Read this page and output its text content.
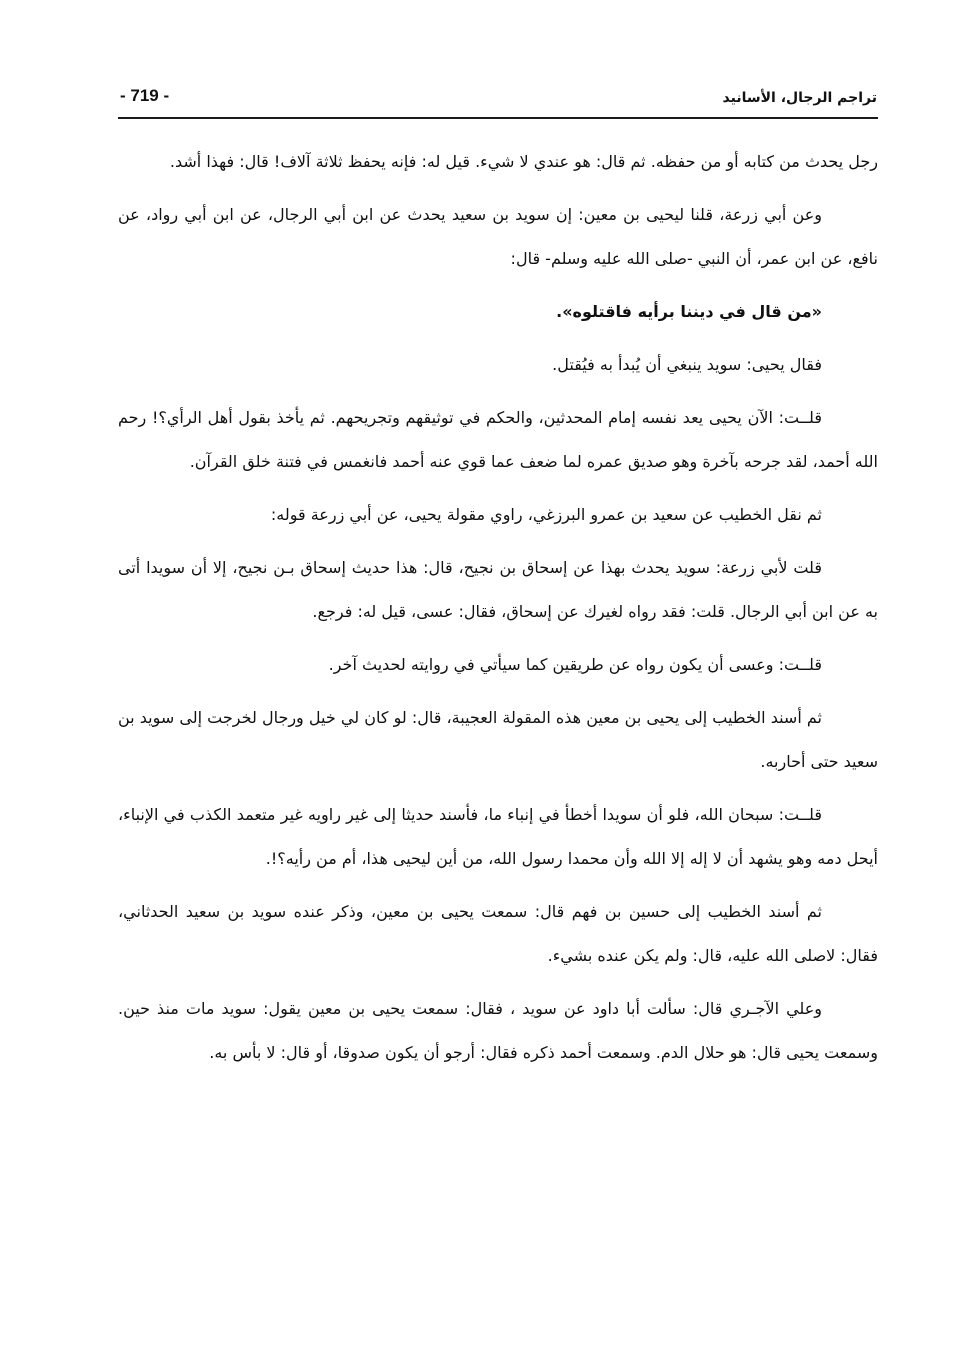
تراجم الرجال، الأسانيد
- 719 -

رجل يحدث من كتابه أو من حفظه. ثم قال: هو عندي لا شيء. قيل له: فإنه يحفظ ثلاثة آلاف! قال: فهذا أشد.

وعن أبي زرعة، قلنا ليحيى بن معين: إن سويد بن سعيد يحدث عن ابن أبي الرجال، عن ابن أبي رواد، عن نافع، عن ابن عمر، أن النبي -صلى الله عليه وسلم- قال:

«من قال في ديننا برأيه فاقتلوه».

فقال يحيى: سويد ينبغي أن يُبدأ به فيُقتل.

قلــت: الآن يحيى يعد نفسه إمام المحدثين، والحكم في توثيقهم وتجريحهم. ثم يأخذ بقول أهل الرأي؟! رحم الله أحمد، لقد جرحه بآخرة وهو صديق عمره لما ضعف عما قوي عنه أحمد فانغمس في فتنة خلق القرآن.

ثم نقل الخطيب عن سعيد بن عمرو البرزغي، راوي مقولة يحيى، عن أبي زرعة قوله:

قلت لأبي زرعة: سويد يحدث بهذا عن إسحاق بن نجيح، قال: هذا حديث إسحاق بـن نجيح، إلا أن سويدا أتى به عن ابن أبي الرجال. قلت: فقد رواه لغيرك عن إسحاق، فقال: عسى، قيل له: فرجع.

قلــت: وعسى أن يكون رواه عن طريقين كما سيأتي في روايته لحديث آخر.

ثم أسند الخطيب إلى يحيى بن معين هذه المقولة العجيبة، قال: لو كان لي خيل ورجال لخرجت إلى سويد بن سعيد حتى أحاربه.

قلــت: سبحان الله، فلو أن سويدا أخطأ في إنباء ما، فأسند حديثا إلى غير راويه غير متعمد الكذب في الإنباء، أيحل دمه وهو يشهد أن لا إله إلا الله وأن محمدا رسول الله، من أين ليحيى هذا، أم من رأيه؟!.

ثم أسند الخطيب إلى حسين بن فهم قال: سمعت يحيى بن معين، وذكر عنده سويد بن سعيد الحدثاني، فقال: لاصلى الله عليه، قال: ولم يكن عنده بشيء.

وعلي الآجـري قال: سألت أبا داود عن سويد ، فقال: سمعت يحيى بن معين يقول: سويد مات منذ حين. وسمعت يحيى قال: هو حلال الدم. وسمعت أحمد ذكره فقال: أرجو أن يكون صدوقا، أو قال: لا بأس به.
